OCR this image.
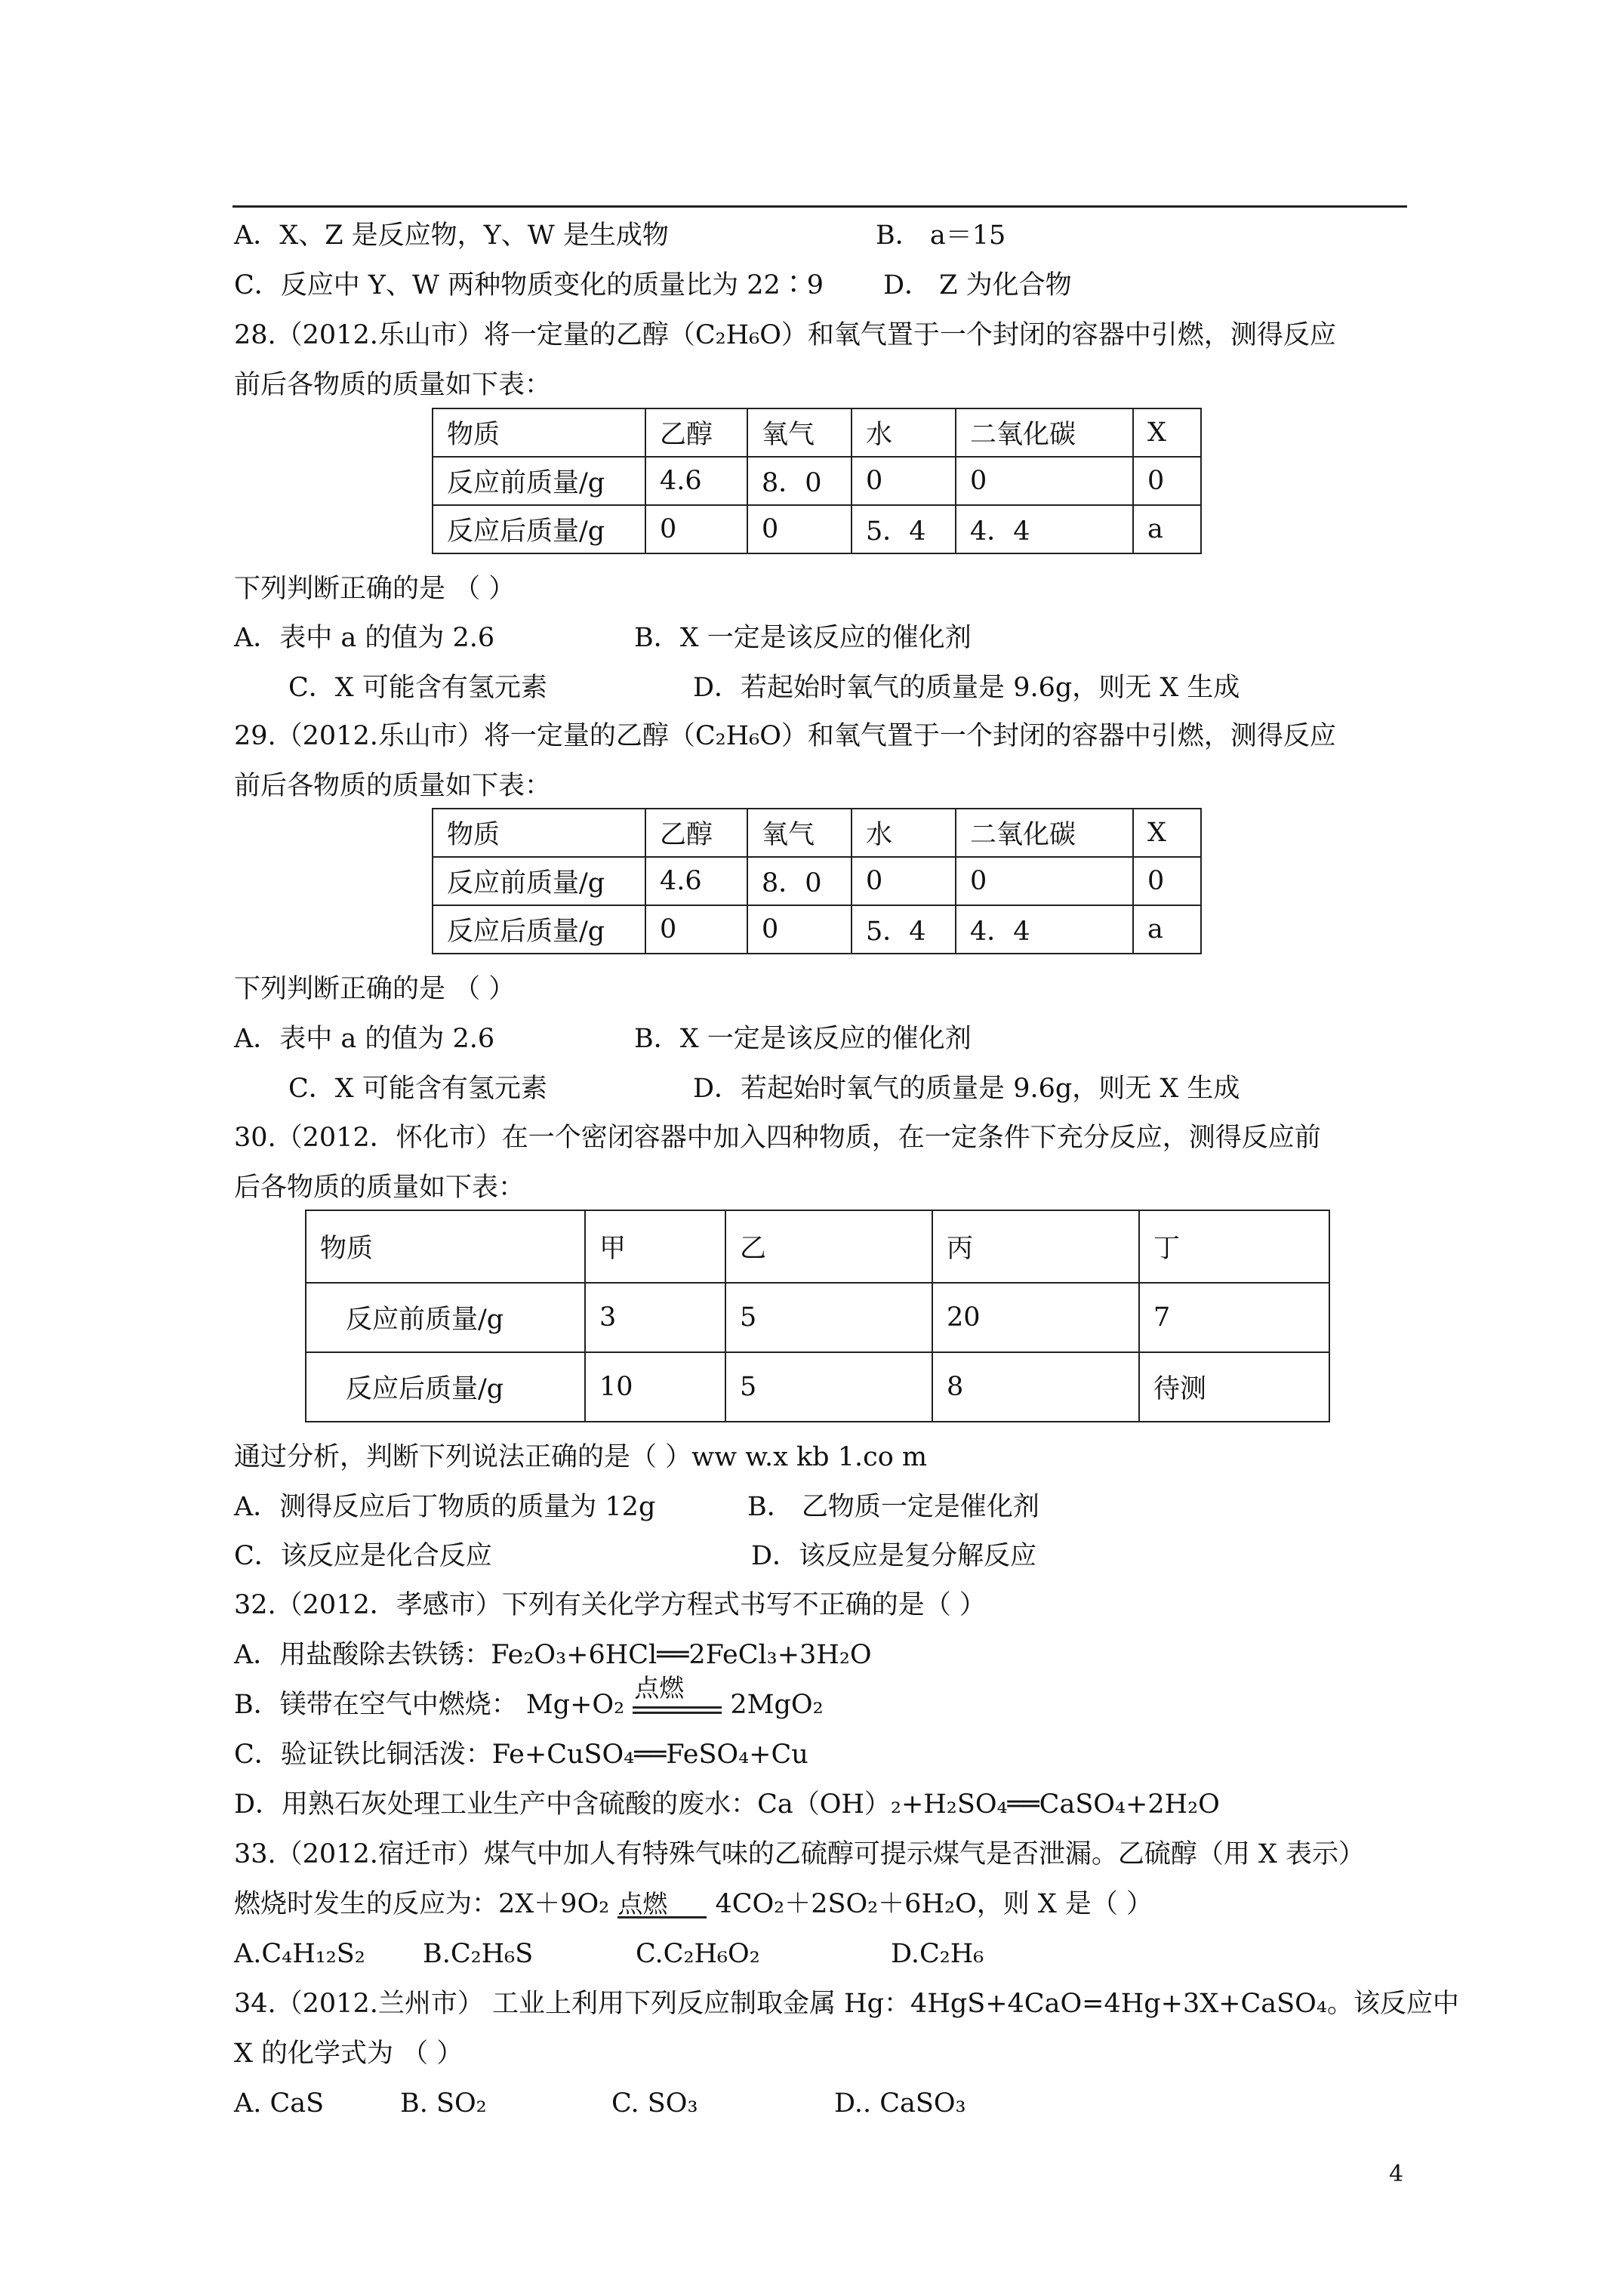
A．X、Z 是反应物，Y、W 是生成物	B． a＝15
C．反应中 Y、W 两种物质变化的质量比为 22∶9 D． Z 为化合物
28.（2012.乐山市）将一定量的乙醇（C₂H₆O）和氧气置于一个封闭的容器中引燃，测得反应
前后各物质的质量如下表：
物质	乙醇	氧气	水	二氧化碳	X
反应前质量/g	4.6	8．0	0	0	0
反应后质量/g	0	0	5．4	4．4	a
下列判断正确的是 （ ）
A．表中 a 的值为 2.6	B．X 一定是该反应的催化剂
C．X 可能含有氢元素	D．若起始时氧气的质量是 9.6g，则无 X 生成
29.（2012.乐山市）将一定量的乙醇（C₂H₆O）和氧气置于一个封闭的容器中引燃，测得反应
前后各物质的质量如下表：
物质	乙醇	氧气	水	二氧化碳	X
反应前质量/g	4.6	8．0	0	0	0
反应后质量/g	0	0	5．4	4．4	a
下列判断正确的是 （ ）
A．表中 a 的值为 2.6	B．X 一定是该反应的催化剂
C．X 可能含有氢元素	D．若起始时氧气的质量是 9.6g，则无 X 生成
30.（2012．怀化市）在一个密闭容器中加入四种物质，在一定条件下充分反应，测得反应前
后各物质的质量如下表：
物质	甲	乙	丙	丁
反应前质量/g	3	5	20	7
反应后质量/g	10	5	8	待测
通过分析，判断下列说法正确的是（ ）ww w.x kb 1.co m
A．测得反应后丁物质的质量为 12g	B． 乙物质一定是催化剂
C．该反应是化合反应	D．该反应是复分解反应
32.（2012．孝感市）下列有关化学方程式书写不正确的是（ ）
A．用盐酸除去铁锈：Fe₂O₃+6HCl══2FeCl₃+3H₂O
B．镁带在空气中燃烧： Mg+O₂
点燃
2MgO₂
C．验证铁比铜活泼：Fe+CuSO₄══FeSO₄+Cu
D．用熟石灰处理工业生产中含硫酸的废水：Ca（OH）₂+H₂SO₄══CaSO₄+2H₂O
33.（2012.宿迁市）煤气中加人有特殊气味的乙硫醇可提示煤气是否泄漏。乙硫醇（用 X 表示）
燃烧时发生的反应为：2X＋9O₂ 点燃 4CO₂＋2SO₂＋6H₂O，则 X 是（ ）
A.C₄H₁₂S₂ B.C₂H₆S	C.C₂H₆O₂	D.C₂H₆
34.（2012.兰州市） 工业上利用下列反应制取金属 Hg：4HgS+4CaO=4Hg+3X+CaSO₄。该反应中
X 的化学式为 （ ）
A. CaS	B. SO₂	C. SO₃	D.. CaSO₃
4
